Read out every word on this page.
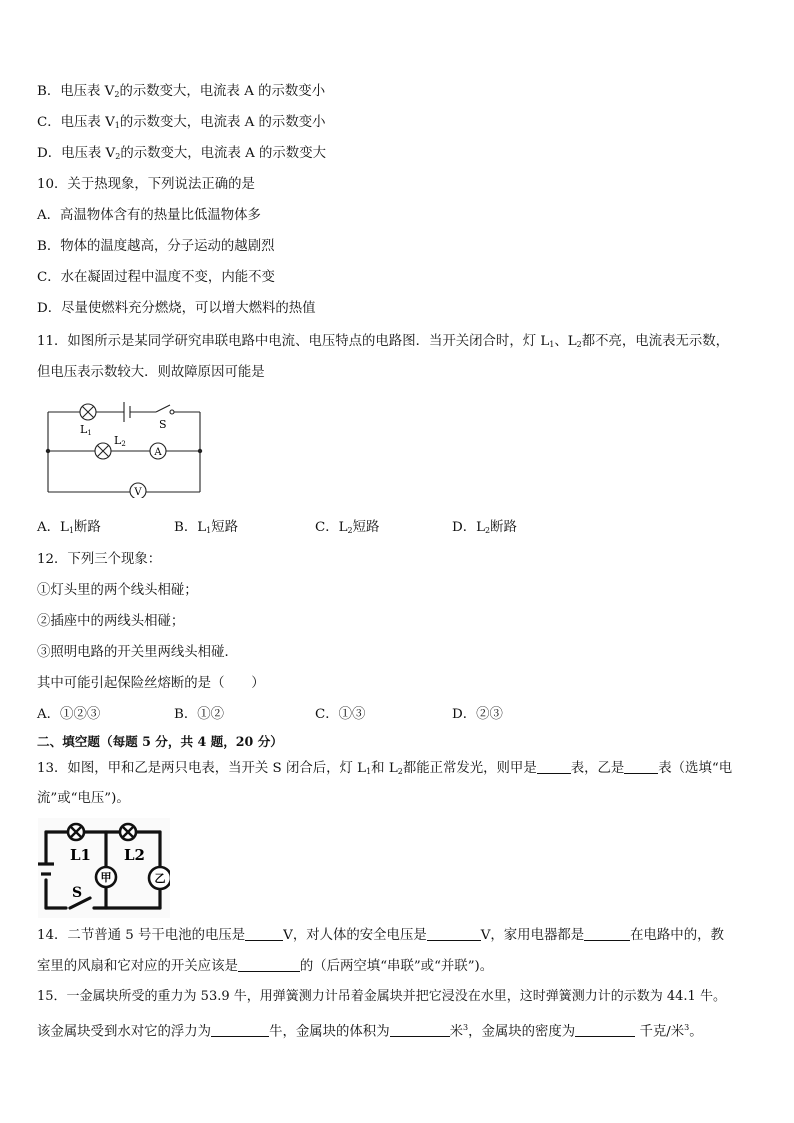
B．电压表 $V_2$的示数变大，电流表 A 的示数变小
C．电压表 $V_1$的示数变大，电流表 A 的示数变小
D．电压表 $V_2$的示数变大，电流表 A 的示数变大
10．关于热现象，下列说法正确的是
A．高温物体含有的热量比低温物体多
B．物体的温度越高，分子运动的越剧烈
C．水在凝固过程中温度不变，内能不变
D．尽量使燃料充分燃烧，可以增大燃料的热值
11．如图所示是某同学研究串联电路中电流、电压特点的电路图．当开关闭合时，灯 $L_1$、$L_2$都不亮，电流表无示数，
但电压表示数较大．则故障原因可能是
L1
L2
S
A
V
A．$L_1$断路	B．$L_1$短路	C．$L_2$短路	D．$L_2$断路
12．下列三个现象：
①灯头里的两个线头相碰；
②插座中的两线头相碰；
③照明电路的开关里两线头相碰．
其中可能引起保险丝熔断的是（　　）
A．①②③	B．①②	C．①③	D．②③
二、填空题（每题 5 分，共 4 题，20 分）
13．如图，甲和乙是两只电表，当开关 S 闭合后，灯 $L_1$和 $L_2$都能正常发光，则甲是	表，乙是	表（选填“电
流”或“电压”)。
甲	乙
L1 L2
S
14．二节普通 5 号干电池的电压是	V，对人体的安全电压是	V，家用电器都是	在电路中的，教
室里的风扇和它对应的开关应该是	的（后两空填“串联”或“并联”)。
15．一金属块所受的重力为 53.9 牛，用弹簧测力计吊着金属块并把它浸没在水里，这时弹簧测力计的示数为 44.1 牛。
该金属块受到水对它的浮力为	牛，金属块的体积为	米$^3$，金属块的密度为	千克/米$^3$。
